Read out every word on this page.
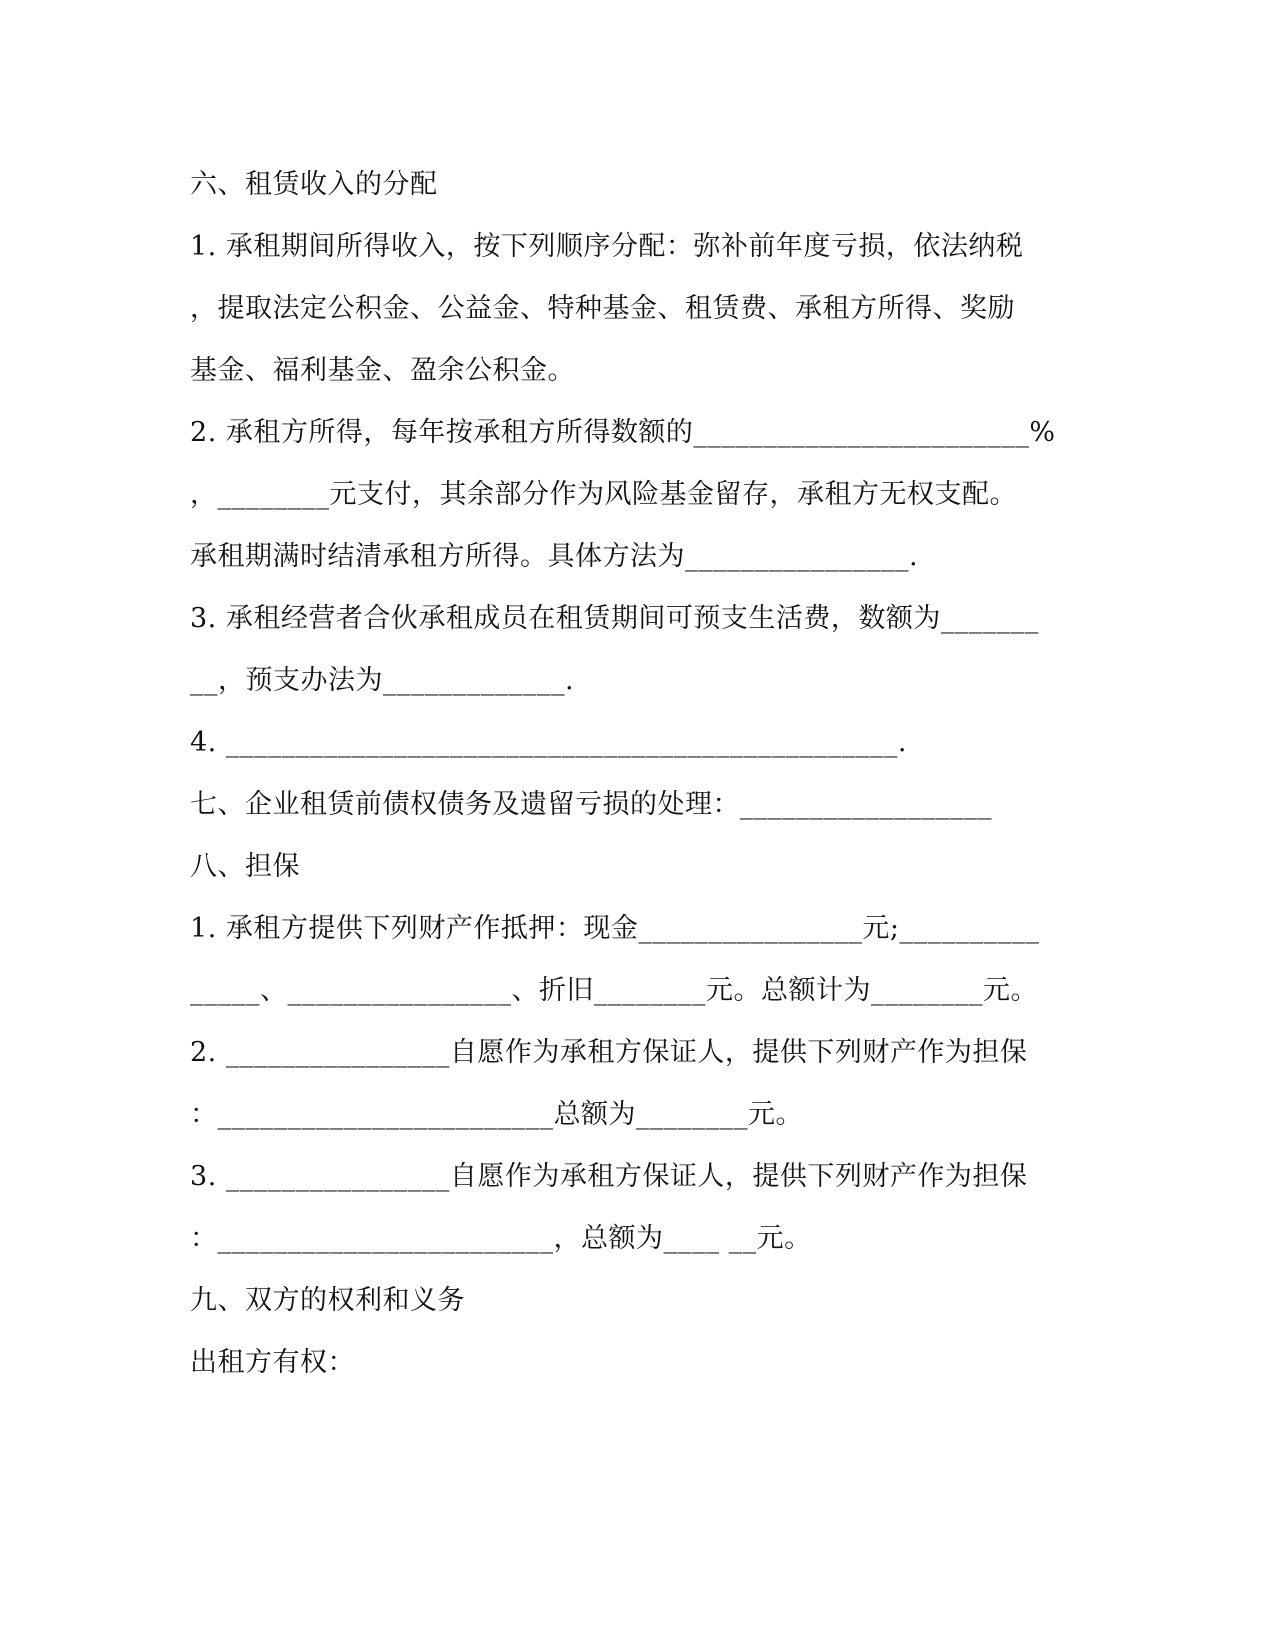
六、租赁收入的分配
1. 承租期间所得收入，按下列顺序分配：弥补前年度亏损，依法纳税
，提取法定公积金、公益金、特种基金、租赁费、承租方所得、奖励
基金、福利基金、盈余公积金。
2. 承租方所得，每年按承租方所得数额的________________________%
，________元支付，其余部分作为风险基金留存，承租方无权支配。
承租期满时结清承租方所得。具体方法为________________.
3. 承租经营者合伙承租成员在租赁期间可预支生活费，数额为_______
__，预支办法为_____________.
4. ________________________________________________.
七、企业租赁前债权债务及遗留亏损的处理：__________________
八、担保
1. 承租方提供下列财产作抵押：现金________________元;__________
_____、________________、折旧________元。总额计为________元。
2. ________________自愿作为承租方保证人，提供下列财产作为担保
：________________________总额为________元。
3. ________________自愿作为承租方保证人，提供下列财产作为担保
：________________________，总额为____ __元。
九、双方的权利和义务
出租方有权：
